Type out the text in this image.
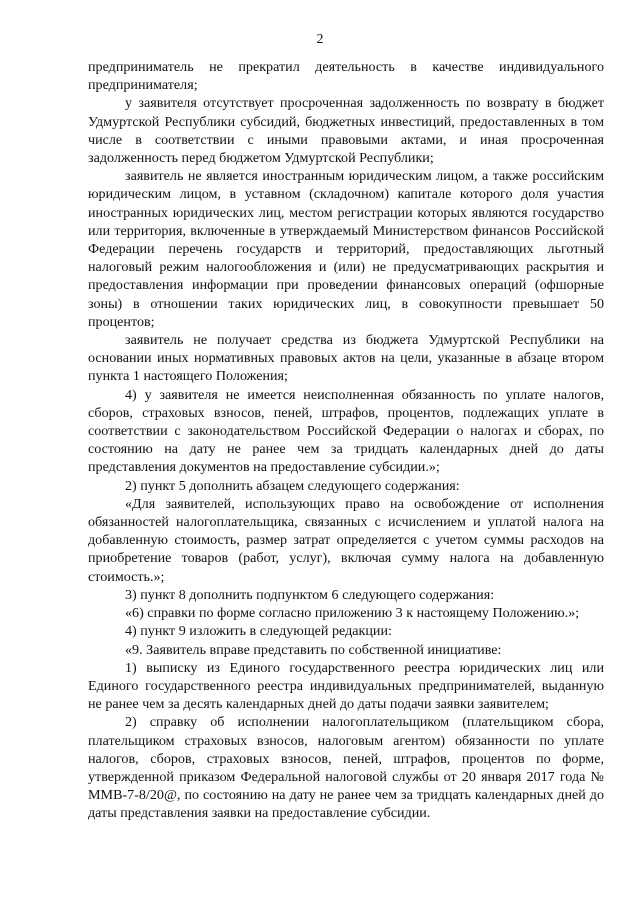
2

предприниматель не прекратил деятельность в качестве индивидуального предпринимателя;

у заявителя отсутствует просроченная задолженность по возврату в бюджет Удмуртской Республики субсидий, бюджетных инвестиций, предоставленных в том числе в соответствии с иными правовыми актами, и иная просроченная задолженность перед бюджетом Удмуртской Республики;

заявитель не является иностранным юридическим лицом, а также российским юридическим лицом, в уставном (складочном) капитале которого доля участия иностранных юридических лиц, местом регистрации которых являются государство или территория, включенные в утверждаемый Министерством финансов Российской Федерации перечень государств и территорий, предоставляющих льготный налоговый режим налогообложения и (или) не предусматривающих раскрытия и предоставления информации при проведении финансовых операций (офшорные зоны) в отношении таких юридических лиц, в совокупности превышает 50 процентов;

заявитель не получает средства из бюджета Удмуртской Республики на основании иных нормативных правовых актов на цели, указанные в абзаце втором пункта 1 настоящего Положения;

4) у заявителя не имеется неисполненная обязанность по уплате налогов, сборов, страховых взносов, пеней, штрафов, процентов, подлежащих уплате в соответствии с законодательством Российской Федерации о налогах и сборах, по состоянию на дату не ранее чем за тридцать календарных дней до даты представления документов на предоставление субсидии.»;

2) пункт 5 дополнить абзацем следующего содержания:

«Для заявителей, использующих право на освобождение от исполнения обязанностей налогоплательщика, связанных с исчислением и уплатой налога на добавленную стоимость, размер затрат определяется с учетом суммы расходов на приобретение товаров (работ, услуг), включая сумму налога на добавленную стоимость.»;

3) пункт 8 дополнить подпунктом 6 следующего содержания:

«6) справки по форме согласно приложению 3 к настоящему Положению.»;

4) пункт 9 изложить в следующей редакции:

«9. Заявитель вправе представить по собственной инициативе:

1) выписку из Единого государственного реестра юридических лиц или Единого государственного реестра индивидуальных предпринимателей, выданную не ранее чем за десять календарных дней до даты подачи заявки заявителем;

2) справку об исполнении налогоплательщиком (плательщиком сбора, плательщиком страховых взносов, налоговым агентом) обязанности по уплате налогов, сборов, страховых взносов, пеней, штрафов, процентов по форме, утвержденной приказом Федеральной налоговой службы от 20 января 2017 года № ММВ-7-8/20@, по состоянию на дату не ранее чем за тридцать календарных дней до даты представления заявки на предоставление субсидии.
